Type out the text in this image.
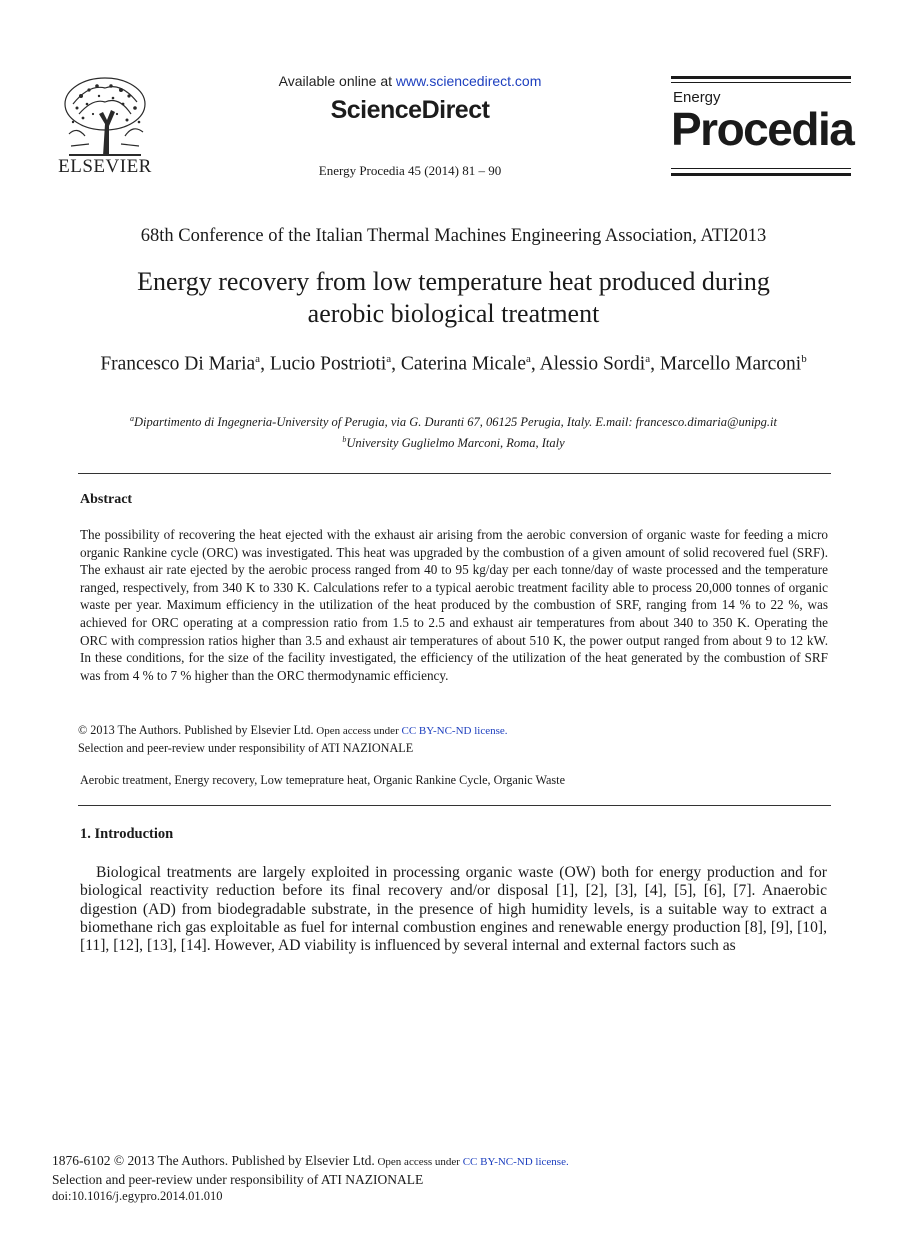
ELSEVIER
Available online at www.sciencedirect.com
ScienceDirect
Energy Procedia 45 (2014) 81 – 90
Energy
Procedia
68th Conference of the Italian Thermal Machines Engineering Association, ATI2013
Energy recovery from low temperature heat produced during
aerobic biological treatment
Francesco Di Maria$^a$, Lucio Postrioti$^a$, Caterina Micale$^a$, Alessio Sordi$^a$, Marcello Marconi$^b$
$^a$Dipartimento di Ingegneria-University of Perugia, via G. Duranti 67, 06125 Perugia, Italy. E.mail: francesco.dimaria@unipg.it
$^b$University Guglielmo Marconi, Roma, Italy
Abstract
The possibility of recovering the heat ejected with the exhaust air arising from the aerobic conversion of organic waste for feeding a micro organic Rankine cycle (ORC) was investigated. This heat was upgraded by the combustion of a given amount of solid recovered fuel (SRF). The exhaust air rate ejected by the aerobic process ranged from 40 to 95 kg/day per each tonne/day of waste processed and the temperature ranged, respectively, from 340 K to 330 K. Calculations refer to a typical aerobic treatment facility able to process 20,000 tonnes of organic waste per year. Maximum efficiency in the utilization of the heat produced by the combustion of SRF, ranging from 14 % to 22 %, was achieved for ORC operating at a compression ratio from 1.5 to 2.5 and exhaust air temperatures from about 340 to 350 K. Operating the ORC with compression ratios higher than 3.5 and exhaust air temperatures of about 510 K, the power output ranged from about 9 to 12 kW. In these conditions, for the size of the facility investigated, the efficiency of the utilization of the heat generated by the combustion of SRF was from 4 % to 7 % higher than the ORC thermodynamic efficiency.
© 2013 The Authors. Published by Elsevier Ltd. Open access under CC BY-NC-ND license.
Selection and peer-review under responsibility of ATI NAZIONALE
Aerobic treatment, Energy recovery, Low temeprature heat, Organic Rankine Cycle, Organic Waste
1. Introduction
Biological treatments are largely exploited in processing organic waste (OW) both for energy production and for biological reactivity reduction before its final recovery and/or disposal [1], [2], [3], [4], [5], [6], [7]. Anaerobic digestion (AD) from biodegradable substrate, in the presence of high humidity levels, is a suitable way to extract a biomethane rich gas exploitable as fuel for internal combustion engines and renewable energy production [8], [9], [10], [11], [12], [13], [14]. However, AD viability is influenced by several internal and external factors such as
1876-6102 © 2013 The Authors. Published by Elsevier Ltd. Open access under CC BY-NC-ND license.
Selection and peer-review under responsibility of ATI NAZIONALE
doi:10.1016/j.egypro.2014.01.010
